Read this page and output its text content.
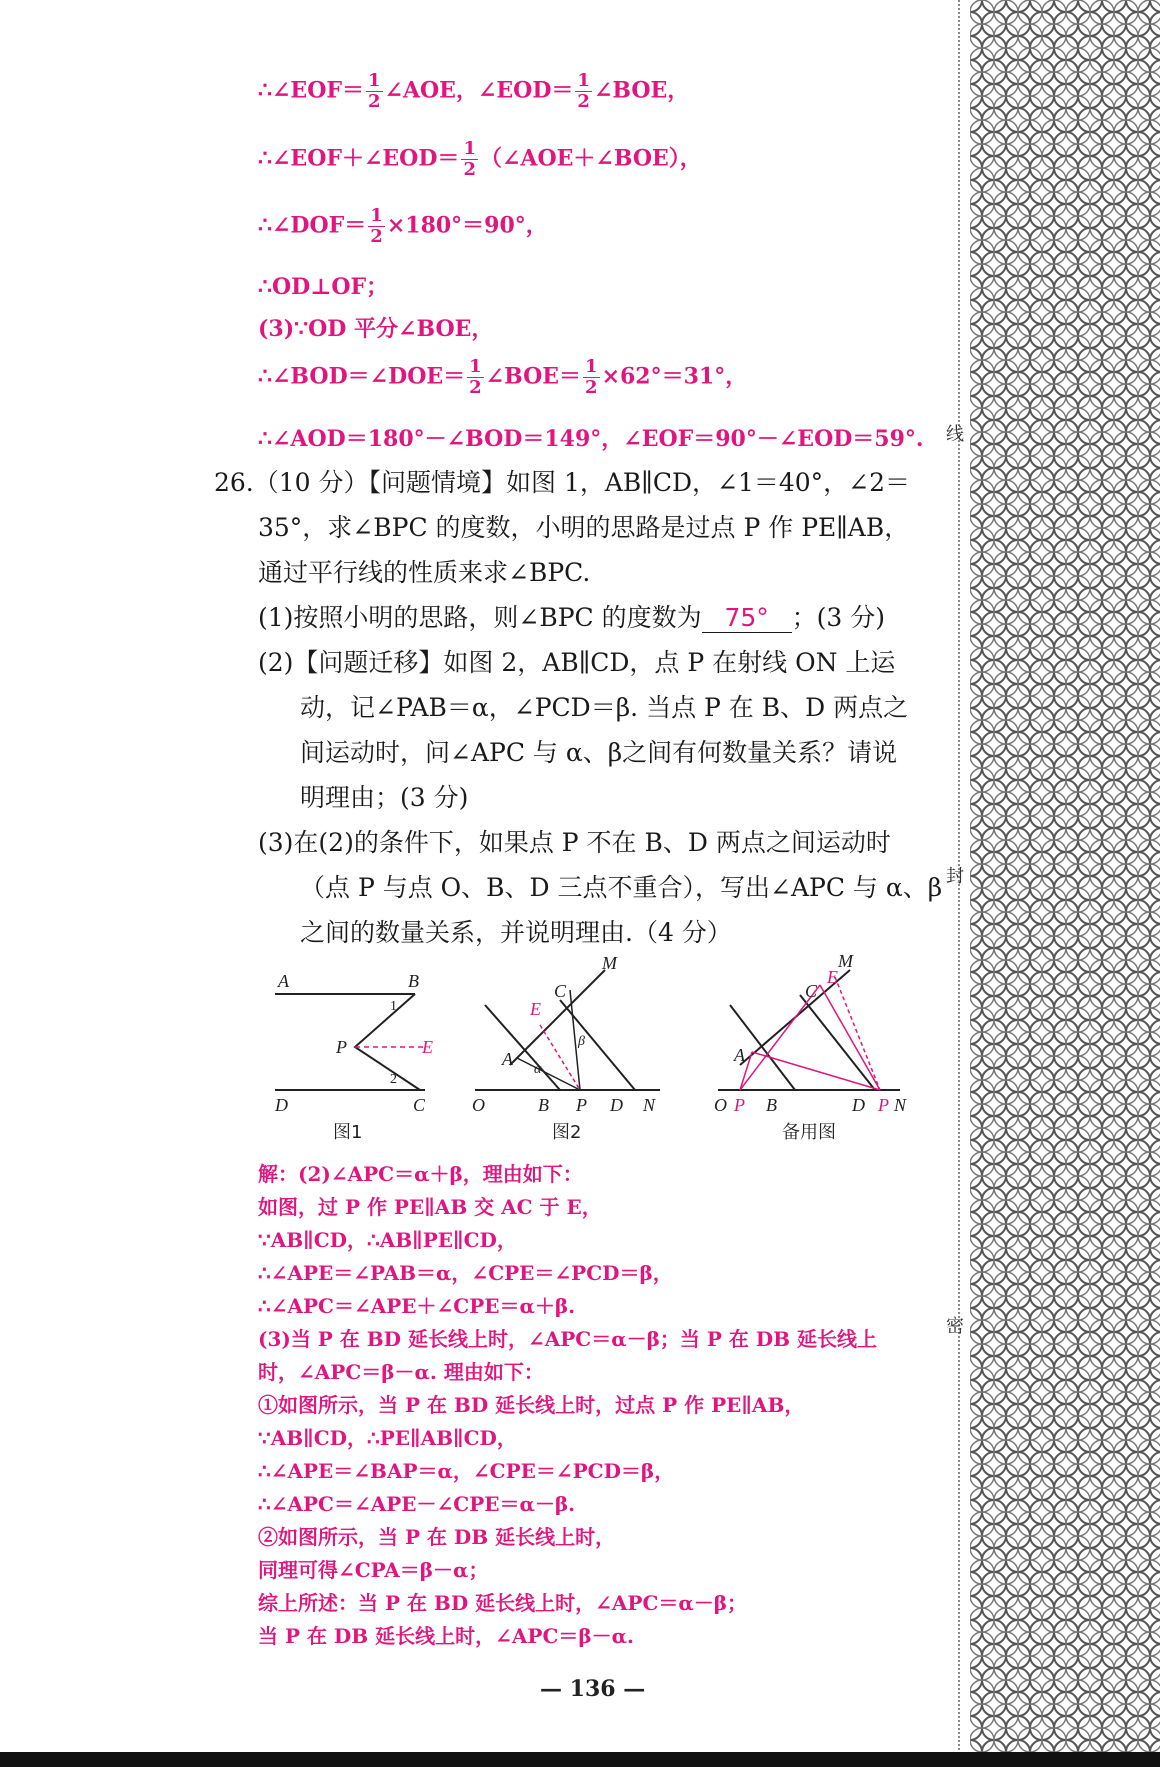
∴∠EOF＝ $\frac{1}{2}$ ∠AOE，∠EOD＝ $\frac{1}{2}$ ∠BOE，
∴∠EOF＋∠EOD＝ $\frac{1}{2}$ （∠AOE＋∠BOE），
∴∠DOF＝ $\frac{1}{2} \times 180^\circ=90^\circ$，
∴OD⊥OF；
(3)∵OD 平分∠BOE，
∴∠BOD＝∠DOE＝ $\frac{1}{2}$ ∠BOE＝ $\frac{1}{2} \times 62^\circ=31^\circ$，
∴∠AOD＝180°－∠BOD＝149°，∠EOF＝90°－∠EOD＝59°.
26.（10 分）【问题情境】如图 1，AB∥CD，∠1＝40°，∠2＝
35°，求∠BPC 的度数，小明的思路是过点 P 作 PE∥AB，
通过平行线的性质来求∠BPC.
(1)按照小明的思路，则∠BPC 的度数为 75° ；(3 分)
(2)【问题迁移】如图 2，AB∥CD，点 P 在射线 ON 上运
动，记∠PAB＝α，∠PCD＝β. 当点 P 在 B、D 两点之
间运动时，问∠APC 与 α、β之间有何数量关系？请说
明理由；(3 分)
(3)在(2)的条件下，如果点 P 不在 B、D 两点之间运动时
（点 P 与点 O、B、D 三点不重合），写出∠APC 与 α、β
之间的数量关系，并说明理由.（4 分）
A	B
C
D
P	E
1
2
M
C
E
A
O	B P D N
α
β
M
E
C
A
O P B	D P N
图1	图2	备用图
解：(2)∠APC＝α＋β，理由如下：
如图，过 P 作 PE∥AB 交 AC 于 E，
∵AB∥CD，∴AB∥PE∥CD，
∴∠APE＝∠PAB＝α，∠CPE＝∠PCD＝β，
∴∠APC＝∠APE＋∠CPE＝α＋β.
(3)当 P 在 BD 延长线上时，∠APC＝α－β；当 P 在 DB 延长线上
时，∠APC＝β－α. 理由如下：
①如图所示，当 P 在 BD 延长线上时，过点 P 作 PE∥AB，
∵AB∥CD，∴PE∥AB∥CD，
∴∠APE＝∠BAP＝α，∠CPE＝∠PCD＝β，
∴∠APC＝∠APE－∠CPE＝α－β.
②如图所示，当 P 在 DB 延长线上时，
同理可得∠CPA＝β－α；
综上所述：当 P 在 BD 延长线上时，∠APC＝α－β；
当 P 在 DB 延长线上时，∠APC＝β－α.
— 136 —
线
封
密
